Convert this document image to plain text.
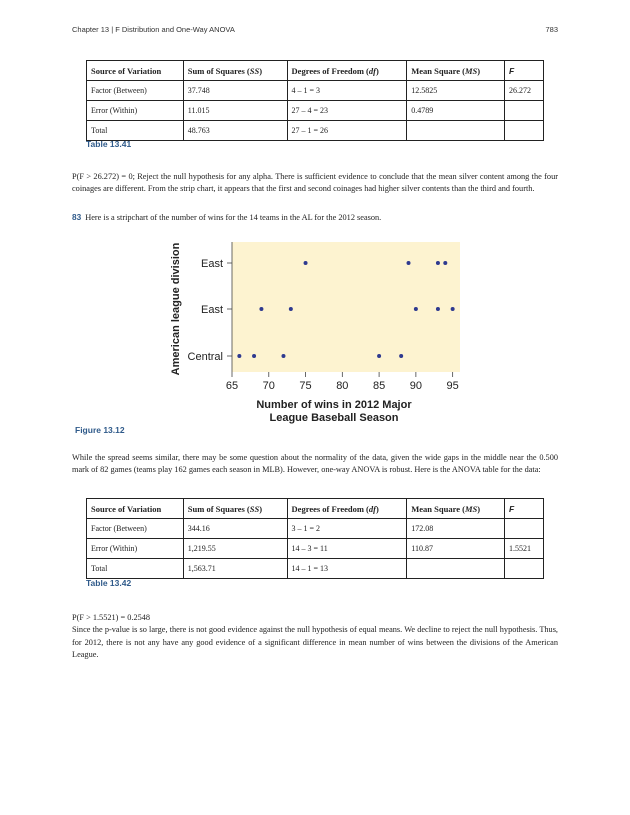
Chapter 13 | F Distribution and One-Way ANOVA	783
Source of Variation	Sum of Squares (SS)	Degrees of Freedom (df)	Mean Square (MS)	F
Factor (Between)	37.748	4 – 1 = 3	12.5825	26.272
Error (Within)	11.015	27 – 4 = 23	0.4789	
Total	48.763	27 – 1 = 26		
Table 13.41
P(F > 26.272) = 0; Reject the null hypothesis for any alpha. There is sufficient evidence to conclude that the mean silver content among the four coinages are different. From the strip chart, it appears that the first and second coinages had higher silver contents than the third and fourth.
83 Here is a stripchart of the number of wins for the 14 teams in the AL for the 2012 season.
Central
East
East
65 70 75 80 85 90 95
American league division
Number of wins in 2012 Major
League Baseball Season
Figure 13.12
While the spread seems similar, there may be some question about the normality of the data, given the wide gaps in the middle near the 0.500 mark of 82 games (teams play 162 games each season in MLB). However, one-way ANOVA is robust. Here is the ANOVA table for the data:
Source of Variation	Sum of Squares (SS)	Degrees of Freedom (df)	Mean Square (MS)	F
Factor (Between)	344.16	3 – 1 = 2	172.08	
Error (Within)	1,219.55	14 – 3 = 11	110.87	1.5521
Total	1,563.71	14 – 1 = 13		
Table 13.42
P(F > 1.5521) = 0.2548
Since the p-value is so large, there is not good evidence against the null hypothesis of equal means. We decline to reject the null hypothesis. Thus, for 2012, there is not any have any good evidence of a significant difference in mean number of wins between the divisions of the American League.
